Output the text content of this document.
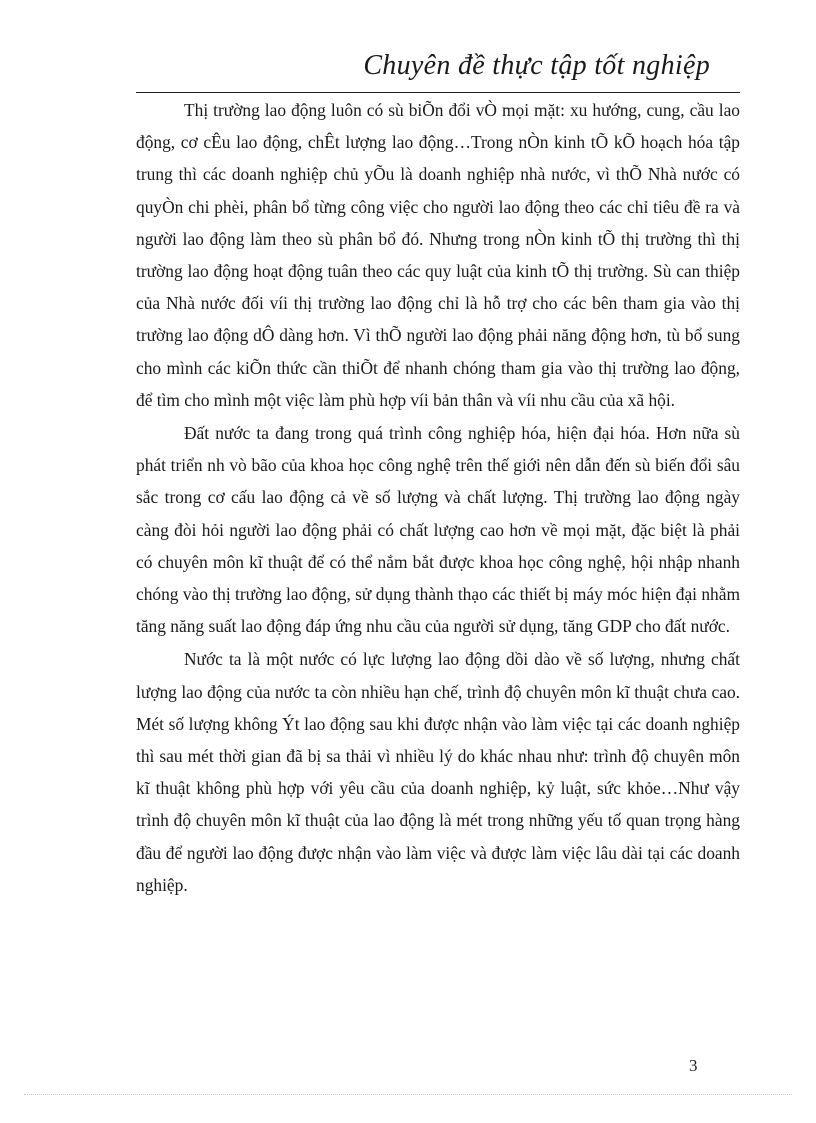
Chuyên đề thực tập tốt nghiệp

Thị trường lao động luôn có sù biÕn đổi vÒ mọi mặt: xu hướng, cung, cầu lao động, cơ cÊu lao động, chÊt lượng lao động…Trong nÒn kinh tÕ kÕ hoạch hóa tập trung thì các doanh nghiệp chủ yÕu là doanh nghiệp nhà nước, vì thÕ Nhà nước có quyÒn chi phèi, phân bổ từng công việc cho người lao động theo các chỉ tiêu đề ra và người lao động làm theo sù phân bổ đó. Nhưng trong nÒn kinh tÕ thị trường thì thị trường lao động hoạt động tuân theo các quy luật của kinh tÕ thị trường. Sù can thiệp của Nhà nước đối víi thị trường lao động chỉ là hỗ trợ cho các bên tham gia vào thị trường lao động dÔ dàng hơn. Vì thÕ người lao động phải năng động hơn, tù bổ sung cho mình các kiÕn thức cần thiÕt để nhanh chóng tham gia vào thị trường lao động, để tìm cho mình một việc làm phù hợp víi bản thân và víi nhu cầu của xã hội.

Đất nước ta đang trong quá trình công nghiệp hóa, hiện đại hóa. Hơn nữa sù phát triển nh vò bão của khoa học công nghệ trên thế giới nên dẫn đến sù biến đổi sâu sắc trong cơ cấu lao động cả về số lượng và chất lượng. Thị trường lao động ngày càng đòi hỏi người lao động phải có chất lượng cao hơn về mọi mặt, đặc biệt là phải có chuyên môn kĩ thuật để có thể nắm bắt được khoa học công nghệ, hội nhập nhanh chóng vào thị trường lao động, sử dụng thành thạo các thiết bị máy móc hiện đại nhằm tăng năng suất lao động đáp ứng nhu cầu của người sử dụng, tăng GDP cho đất nước.

Nước ta là một nước có lực lượng lao động dồi dào về số lượng, nhưng chất lượng lao động của nước ta còn nhiều hạn chế, trình độ chuyên môn kĩ thuật chưa cao. Mét số lượng không Ýt lao động sau khi được nhận vào làm việc tại các doanh nghiệp thì sau mét thời gian đã bị sa thải vì nhiều lý do khác nhau như: trình độ chuyên môn kĩ thuật không phù hợp với yêu cầu của doanh nghiệp, kỷ luật, sức khỏe…Như vậy trình độ chuyên môn kĩ thuật của lao động là mét trong những yếu tố quan trọng hàng đầu để người lao động được nhận vào làm việc và được làm việc lâu dài tại các doanh nghiệp.

3
